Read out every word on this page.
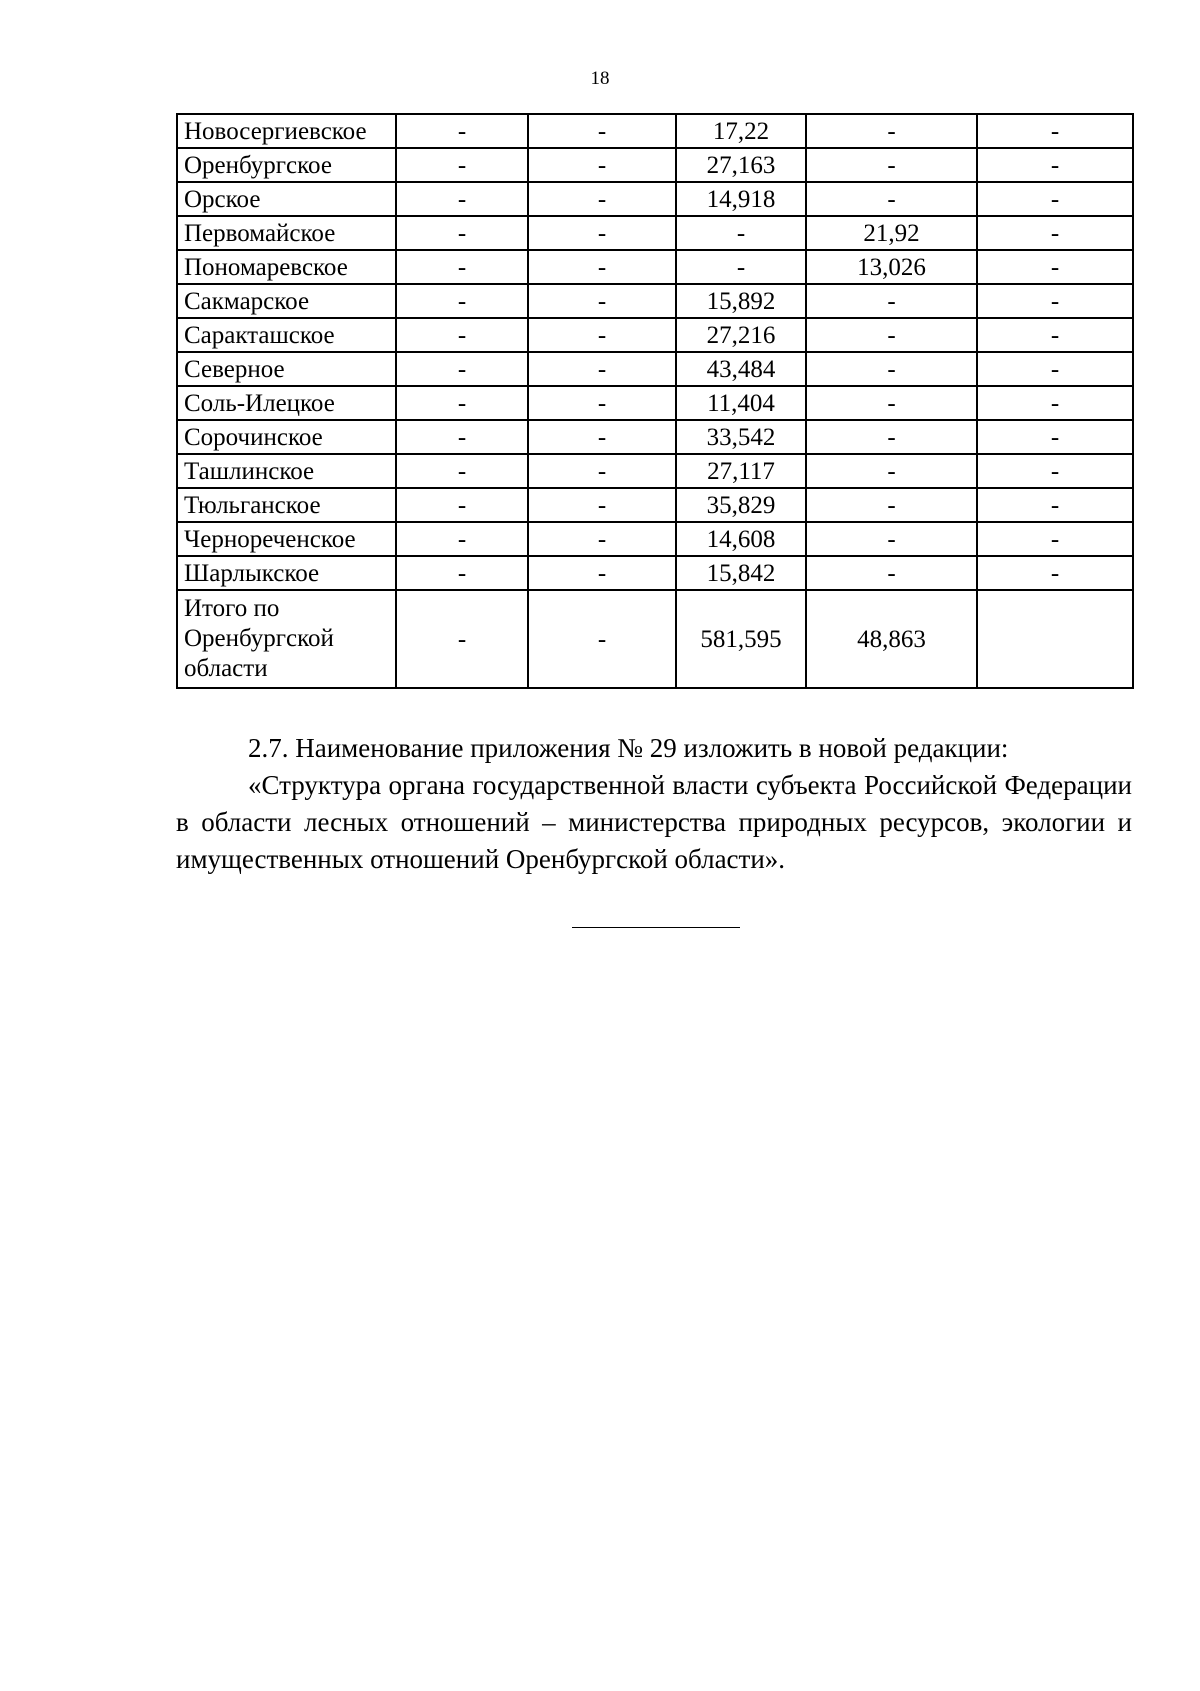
18
Новосергиевское	-	-	17,22	-	-
Оренбургское	-	-	27,163	-	-
Орское	-	-	14,918	-	-
Первомайское	-	-	-	21,92	-
Пономаревское	-	-	-	13,026	-
Сакмарское	-	-	15,892	-	-
Саракташское	-	-	27,216	-	-
Северное	-	-	43,484	-	-
Соль-Илецкое	-	-	11,404	-	-
Сорочинское	-	-	33,542	-	-
Ташлинское	-	-	27,117	-	-
Тюльганское	-	-	35,829	-	-
Чернореченское	-	-	14,608	-	-
Шарлыкское	-	-	15,842	-	-
Итого по Оренбургской области	-	-	581,595	48,863	

2.7. Наименование приложения № 29 изложить в новой редакции:

«Структура органа государственной власти субъекта Российской Федерации в области лесных отношений – министерства природных ресурсов, экологии и имущественных отношений Оренбургской области».
